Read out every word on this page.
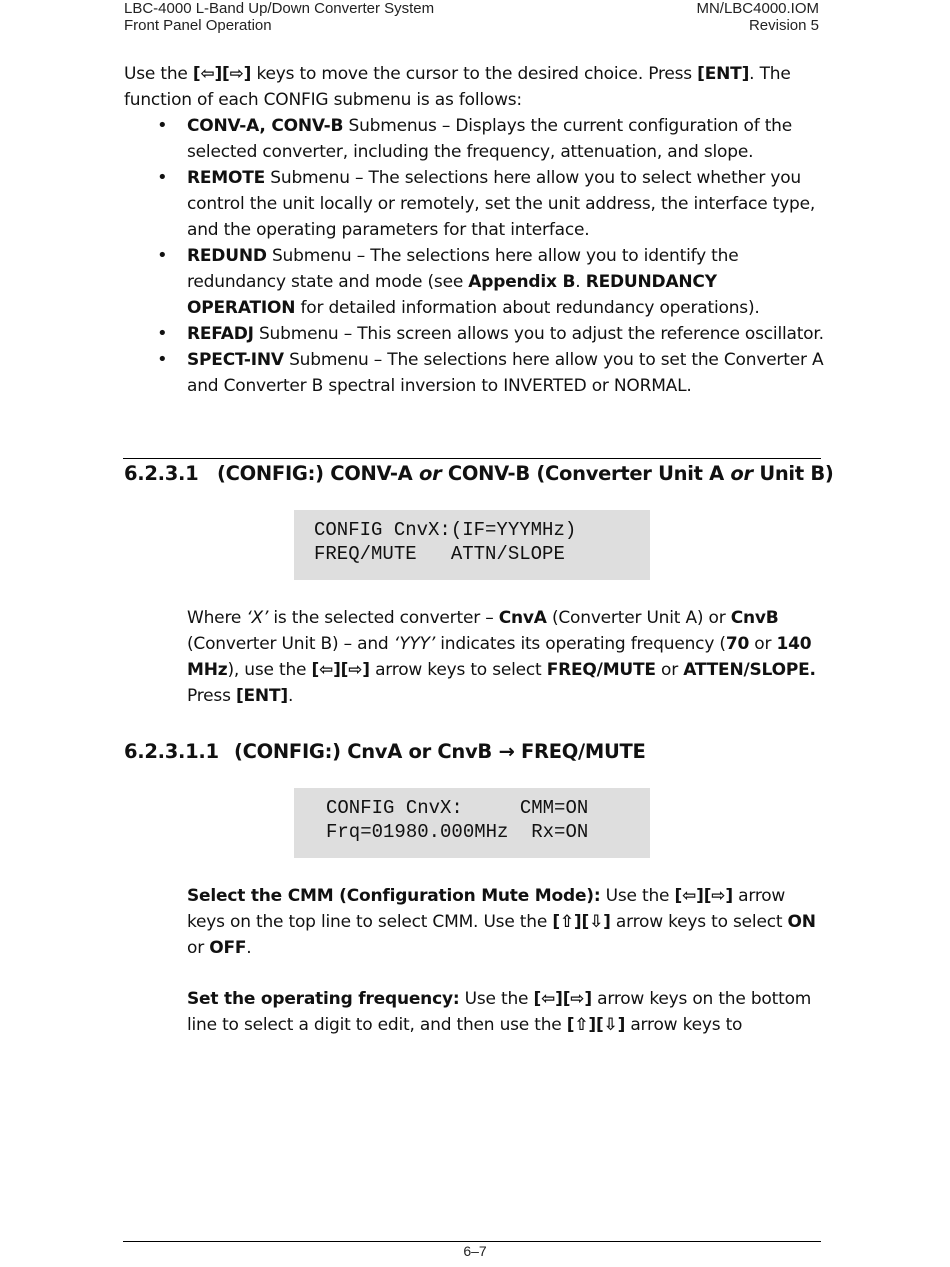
LBC-4000 L-Band Up/Down Converter System
Front Panel Operation
MN/LBC4000.IOM
Revision 5
Use the [⇦][⇨] keys to move the cursor to the desired choice. Press [ENT]. The function of each CONFIG submenu is as follows:
• CONV-A, CONV-B Submenus – Displays the current configuration of the selected converter, including the frequency, attenuation, and slope.
• REMOTE Submenu – The selections here allow you to select whether you control the unit locally or remotely, set the unit address, the interface type, and the operating parameters for that interface.
• REDUND Submenu – The selections here allow you to identify the redundancy state and mode (see Appendix B. REDUNDANCY OPERATION for detailed information about redundancy operations).
• REFADJ Submenu – This screen allows you to adjust the reference oscillator.
• SPECT-INV Submenu – The selections here allow you to set the Converter A and Converter B spectral inversion to INVERTED or NORMAL.
6.2.3.1 (CONFIG:) CONV-A or CONV-B (Converter Unit A or Unit B)
CONFIG CnvX:(IF=YYYMHz)
FREQ/MUTE   ATTN/SLOPE
Where ‘X’ is the selected converter – CnvA (Converter Unit A) or CnvB (Converter Unit B) – and ‘YYY’ indicates its operating frequency (70 or 140 MHz), use the [⇦][⇨] arrow keys to select FREQ/MUTE or ATTEN/SLOPE. Press [ENT].
6.2.3.1.1 (CONFIG:) CnvA or CnvB → FREQ/MUTE
CONFIG CnvX:     CMM=ON
Frq=01980.000MHz  Rx=ON
Select the CMM (Configuration Mute Mode): Use the [⇦][⇨] arrow keys on the top line to select CMM. Use the [⇧][⇩] arrow keys to select ON or OFF.
Set the operating frequency: Use the [⇦][⇨] arrow keys on the bottom line to select a digit to edit, and then use the [⇧][⇩] arrow keys to
6–7
